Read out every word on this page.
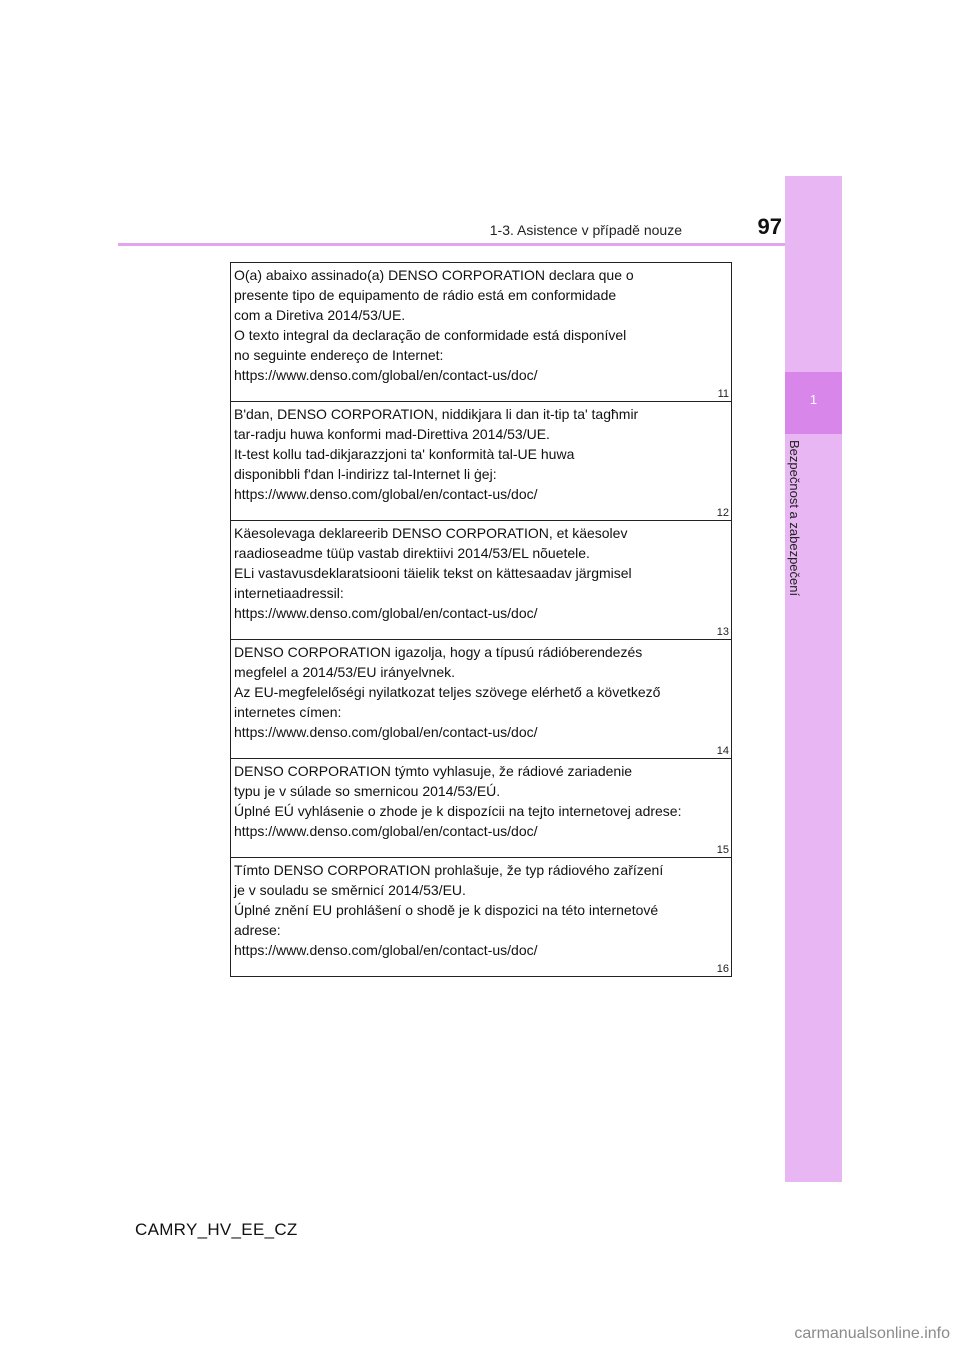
1-3. Asistence v případě nouze	97
1
Bezpečnost a zabezpečení
O(a) abaixo assinado(a) DENSO CORPORATION declara que o
presente tipo de equipamento de rádio está em conformidade
com a Diretiva 2014/53/UE.
O texto integral da declaração de conformidade está disponível
no seguinte endereço de Internet:
https://www.denso.com/global/en/contact-us/doc/
11
B'dan, DENSO CORPORATION, niddikjara li dan it-tip ta' tagħmir
tar-radju huwa konformi mad-Direttiva 2014/53/UE.
It-test kollu tad-dikjarazzjoni ta' konformità tal-UE huwa
disponibbli f'dan l-indirizz tal-Internet li ġej:
https://www.denso.com/global/en/contact-us/doc/
12
Käesolevaga deklareerib DENSO CORPORATION, et käesolev
raadioseadme tüüp vastab direktiivi 2014/53/EL nõuetele.
ELi vastavusdeklaratsiooni täielik tekst on kättesaadav järgmisel
internetiaadressil:
https://www.denso.com/global/en/contact-us/doc/
13
DENSO CORPORATION igazolja, hogy a típusú rádióberendezés
megfelel a 2014/53/EU irányelvnek.
Az EU-megfelelőségi nyilatkozat teljes szövege elérhető a következő
internetes címen:
https://www.denso.com/global/en/contact-us/doc/
14
DENSO CORPORATION týmto vyhlasuje, že rádiové zariadenie
typu je v súlade so smernicou 2014/53/EÚ.
Úplné EÚ vyhlásenie o zhode je k dispozícii na tejto internetovej adrese:
https://www.denso.com/global/en/contact-us/doc/
15
Tímto DENSO CORPORATION prohlašuje, že typ rádiového zařízení
je v souladu se směrnicí 2014/53/EU.
Úplné znění EU prohlášení o shodě je k dispozici na této internetové
adrese:
https://www.denso.com/global/en/contact-us/doc/
16
CAMRY_HV_EE_CZ
carmanualsonline.info
